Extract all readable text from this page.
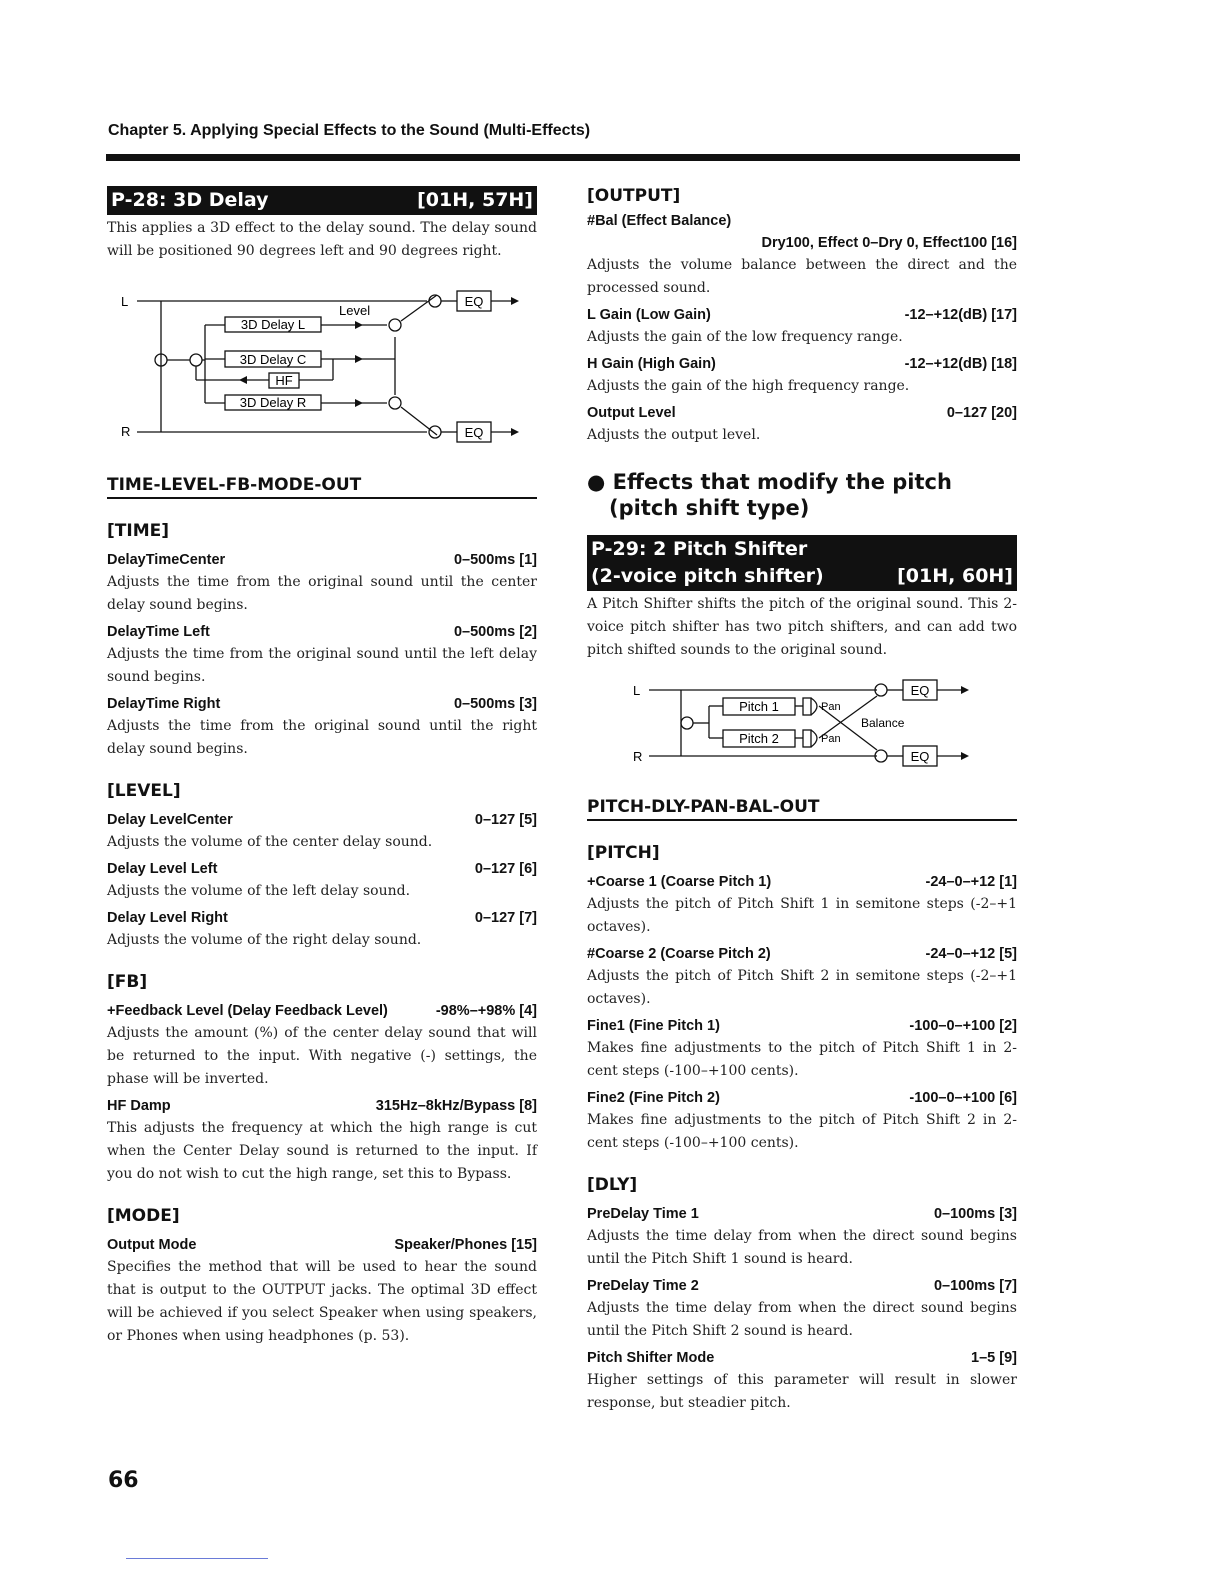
Chapter 5. Applying Special Effects to the Sound (Multi-Effects)
P-28: 3D Delay	[01H, 57H]

This applies a 3D effect to the delay sound. The delay sound will be positioned 90 degrees left and 90 degrees right.

L
R
Level
3D Delay L
3D Delay C
HF
3D Delay R
EQ
EQ

TIME-LEVEL-FB-MODE-OUT

[TIME]

DelayTimeCenter	0–500ms [1]

Adjusts the time from the original sound until the center delay sound begins.

DelayTime Left	0–500ms [2]

Adjusts the time from the original sound until the left delay sound begins.

DelayTime Right	0–500ms [3]

Adjusts the time from the original sound until the right delay sound begins.

[LEVEL]

Delay LevelCenter	0–127 [5]

Adjusts the volume of the center delay sound.

Delay Level Left	0–127 [6]

Adjusts the volume of the left delay sound.

Delay Level Right	0–127 [7]

Adjusts the volume of the right delay sound.

[FB]

+Feedback Level (Delay Feedback Level)	-98%–+98% [4]

Adjusts the amount (%) of the center delay sound that will be returned to the input. With negative (-) settings, the phase will be inverted.

HF Damp	315Hz–8kHz/Bypass [8]

This adjusts the frequency at which the high range is cut when the Center Delay sound is returned to the input. If you do not wish to cut the high range, set this to Bypass.

[MODE]

Output Mode	Speaker/Phones [15]

Specifies the method that will be used to hear the sound that is output to the OUTPUT jacks. The optimal 3D effect will be achieved if you select Speaker when using speakers, or Phones when using headphones (p. 53).

[OUTPUT]

#Bal (Effect Balance)
Dry100, Effect 0–Dry 0, Effect100 [16]

Adjusts the volume balance between the direct and the processed sound.

L Gain (Low Gain)	-12–+12(dB) [17]

Adjusts the gain of the low frequency range.

H Gain (High Gain)	-12–+12(dB) [18]

Adjusts the gain of the high frequency range.

Output Level	0–127 [20]

Adjusts the output level.

● Effects that modify the pitch (pitch shift type)

P-29: 2 Pitch Shifter
(2-voice pitch shifter)	[01H, 60H]

A Pitch Shifter shifts the pitch of the original sound. This 2-voice pitch shifter has two pitch shifters, and can add two pitch shifted sounds to the original sound.

L
R
Pitch 1
Pitch 2
Pan
Pan
Balance
EQ
EQ

PITCH-DLY-PAN-BAL-OUT

[PITCH]

+Coarse 1 (Coarse Pitch 1)	-24–0–+12 [1]

Adjusts the pitch of Pitch Shift 1 in semitone steps (-2–+1 octaves).

#Coarse 2 (Coarse Pitch 2)	-24–0–+12 [5]

Adjusts the pitch of Pitch Shift 2 in semitone steps (-2–+1 octaves).

Fine1 (Fine Pitch 1)	-100–0–+100 [2]

Makes fine adjustments to the pitch of Pitch Shift 1 in 2-cent steps (-100–+100 cents).

Fine2 (Fine Pitch 2)	-100–0–+100 [6]

Makes fine adjustments to the pitch of Pitch Shift 2 in 2-cent steps (-100–+100 cents).

[DLY]

PreDelay Time 1	0–100ms [3]

Adjusts the time delay from when the direct sound begins until the Pitch Shift 1 sound is heard.

PreDelay Time 2	0–100ms [7]

Adjusts the time delay from when the direct sound begins until the Pitch Shift 2 sound is heard.

Pitch Shifter Mode	1–5 [9]

Higher settings of this parameter will result in slower response, but steadier pitch.

66
